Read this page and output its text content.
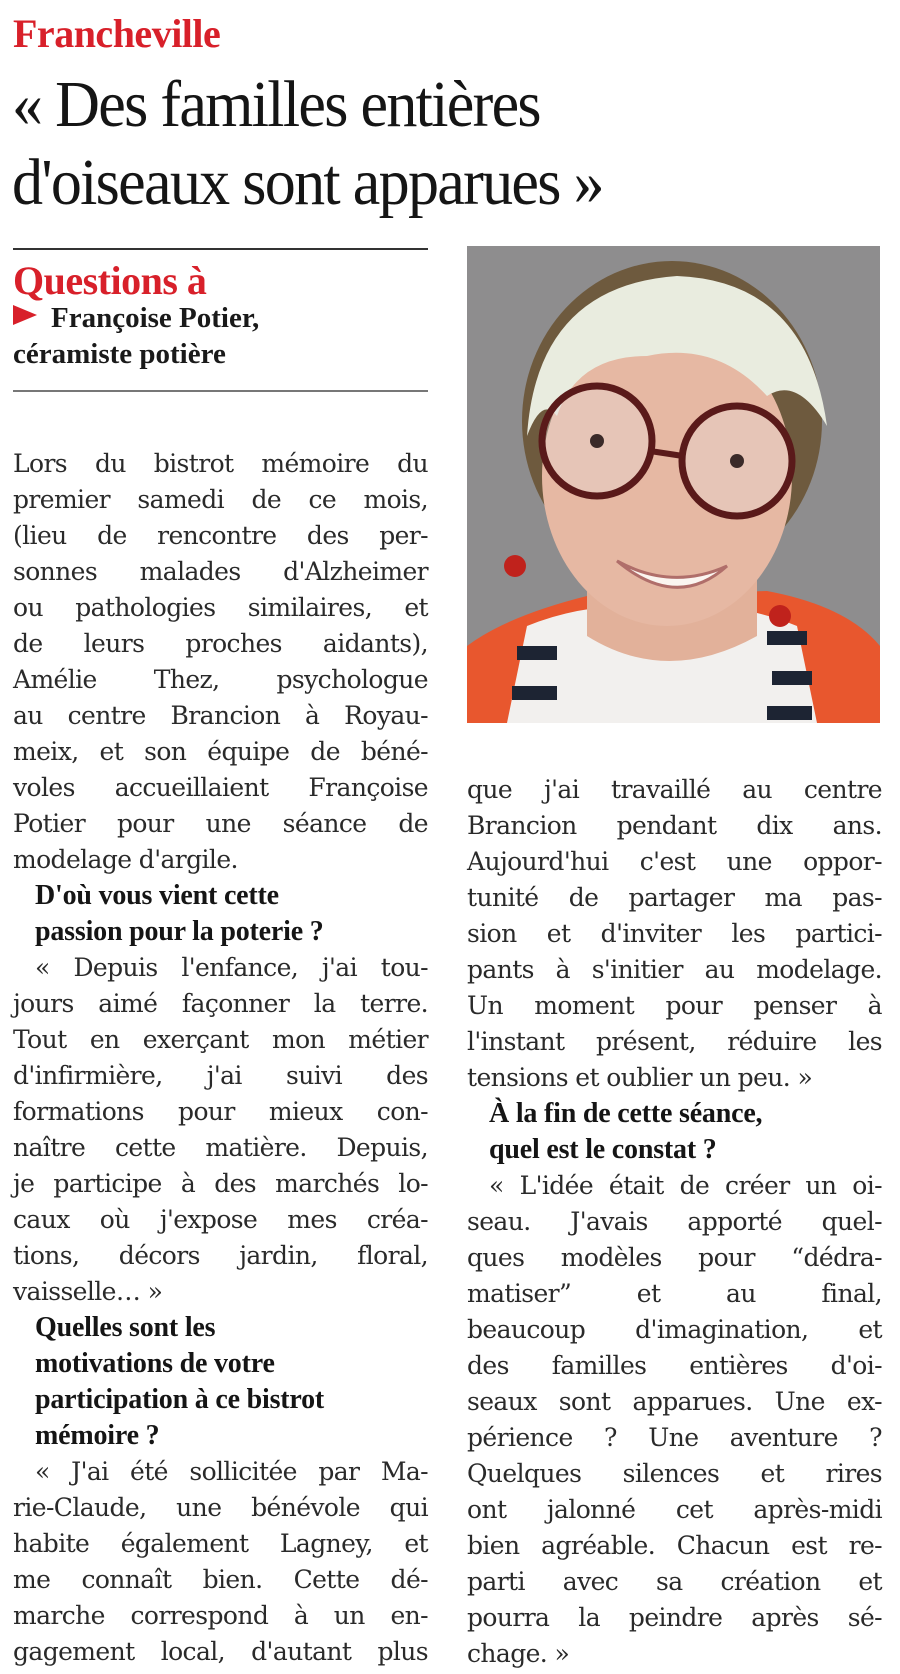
Francheville
« Des familles entières
d'oiseaux sont apparues »
Questions à
Françoise Potier,
céramiste potière
Lors du bistrot mémoire du
premier samedi de ce mois,
(lieu de rencontre des per-
sonnes malades d'Alzheimer
ou pathologies similaires, et
de leurs proches aidants),
Amélie Thez, psychologue
au centre Brancion à Royau-
meix, et son équipe de béné-
voles accueillaient Françoise
Potier pour une séance de
modelage d'argile.
D'où vous vient cette
passion pour la poterie ?
« Depuis l'enfance, j'ai tou-
jours aimé façonner la terre.
Tout en exerçant mon métier
d'infirmière, j'ai suivi des
formations pour mieux con-
naître cette matière. Depuis,
je participe à des marchés lo-
caux où j'expose mes créa-
tions, décors jardin, floral,
vaisselle… »
Quelles sont les
motivations de votre
participation à ce bistrot
mémoire ?
« J'ai été sollicitée par Ma-
rie-Claude, une bénévole qui
habite également Lagney, et
me connaît bien. Cette dé-
marche correspond à un en-
gagement local, d'autant plus
que j'ai travaillé au centre
Brancion pendant dix ans.
Aujourd'hui c'est une oppor-
tunité de partager ma pas-
sion et d'inviter les partici-
pants à s'initier au modelage.
Un moment pour penser à
l'instant présent, réduire les
tensions et oublier un peu. »
À la fin de cette séance,
quel est le constat ?
« L'idée était de créer un oi-
seau. J'avais apporté quel-
ques modèles pour “dédra-
matiser” et au final,
beaucoup d'imagination, et
des familles entières d'oi-
seaux sont apparues. Une ex-
périence ? Une aventure ?
Quelques silences et rires
ont jalonné cet après-midi
bien agréable. Chacun est re-
parti avec sa création et
pourra la peindre après sé-
chage. »
